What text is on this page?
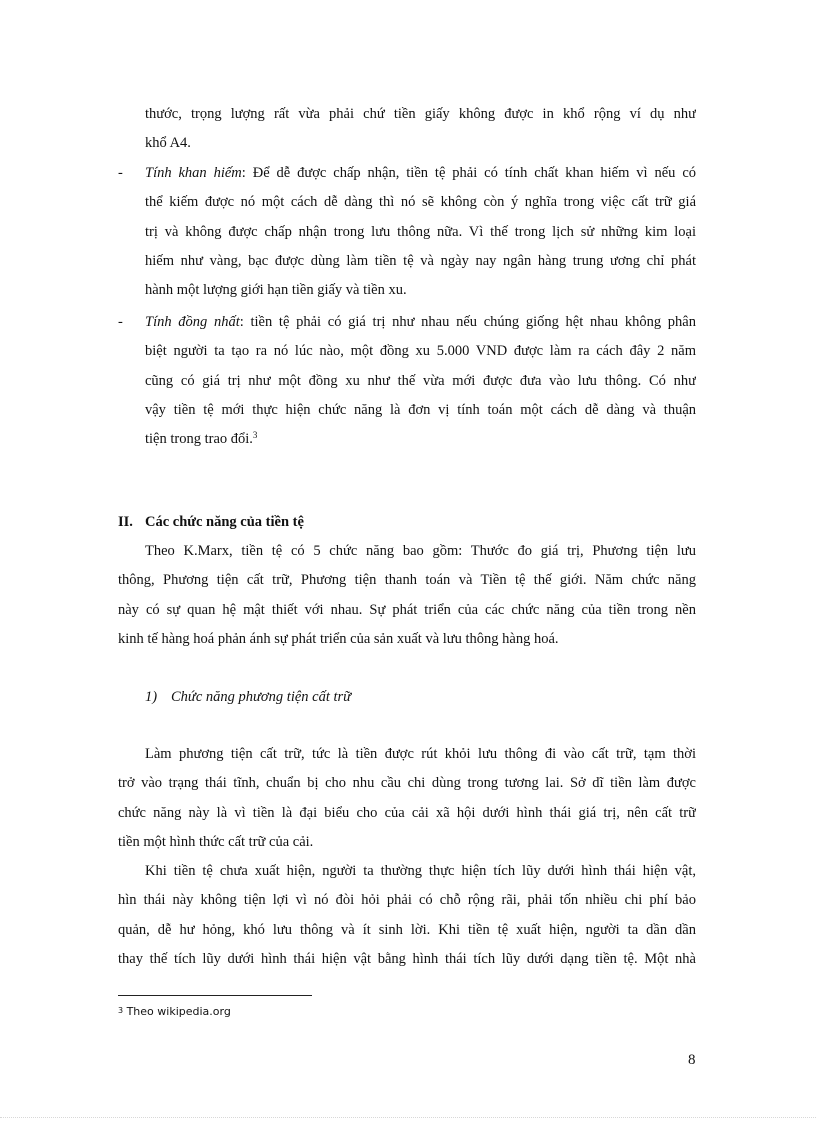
thước, trọng lượng rất vừa phải chứ tiền giấy không được in khổ rộng ví dụ như
khổ A4.
- Tính khan hiếm: Để dễ được chấp nhận, tiền tệ phải có tính chất khan hiếm vì nếu có
thể kiếm được nó một cách dễ dàng thì nó sẽ không còn ý nghĩa trong việc cất trữ giá
trị và không được chấp nhận trong lưu thông nữa. Vì thế trong lịch sử những kim loại
hiếm như vàng, bạc được dùng làm tiền tệ và ngày nay ngân hàng trung ương chỉ phát
hành một lượng giới hạn tiền giấy và tiền xu.
- Tính đồng nhất: tiền tệ phải có giá trị như nhau nếu chúng giống hệt nhau không phân
biệt người ta tạo ra nó lúc nào, một đồng xu 5.000 VND được làm ra cách đây 2 năm
cũng có giá trị như một đồng xu như thế vừa mới được đưa vào lưu thông. Có như
vậy tiền tệ mới thực hiện chức năng là đơn vị tính toán một cách dễ dàng và thuận
tiện trong trao đổi.$^3$
II. Các chức năng của tiền tệ
Theo K.Marx, tiền tệ có 5 chức năng bao gồm: Thước đo giá trị, Phương tiện lưu
thông, Phương tiện cất trữ, Phương tiện thanh toán và Tiền tệ thế giới. Năm chức năng
này có sự quan hệ mật thiết với nhau. Sự phát triển của các chức năng của tiền trong nền
kinh tế hàng hoá phản ánh sự phát triển của sản xuất và lưu thông hàng hoá.
1) Chức năng phương tiện cất trữ
Làm phương tiện cất trữ, tức là tiền được rút khỏi lưu thông đi vào cất trữ, tạm thời
trở vào trạng thái tĩnh, chuẩn bị cho nhu cầu chi dùng trong tương lai. Sở dĩ tiền làm được
chức năng này là vì tiền là đại biểu cho của cải xã hội dưới hình thái giá trị, nên cất trữ
tiền một hình thức cất trữ của cải.
Khi tiền tệ chưa xuất hiện, người ta thường thực hiện tích lũy dưới hình thái hiện vật,
hìn thái này không tiện lợi vì nó đòi hỏi phải có chỗ rộng rãi, phải tốn nhiều chi phí bảo
quản, dễ hư hỏng, khó lưu thông và ít sinh lời. Khi tiền tệ xuất hiện, người ta dần dần
thay thế tích lũy dưới hình thái hiện vật bằng hình thái tích lũy dưới dạng tiền tệ. Một nhà
$^3$ Theo wikipedia.org
8
